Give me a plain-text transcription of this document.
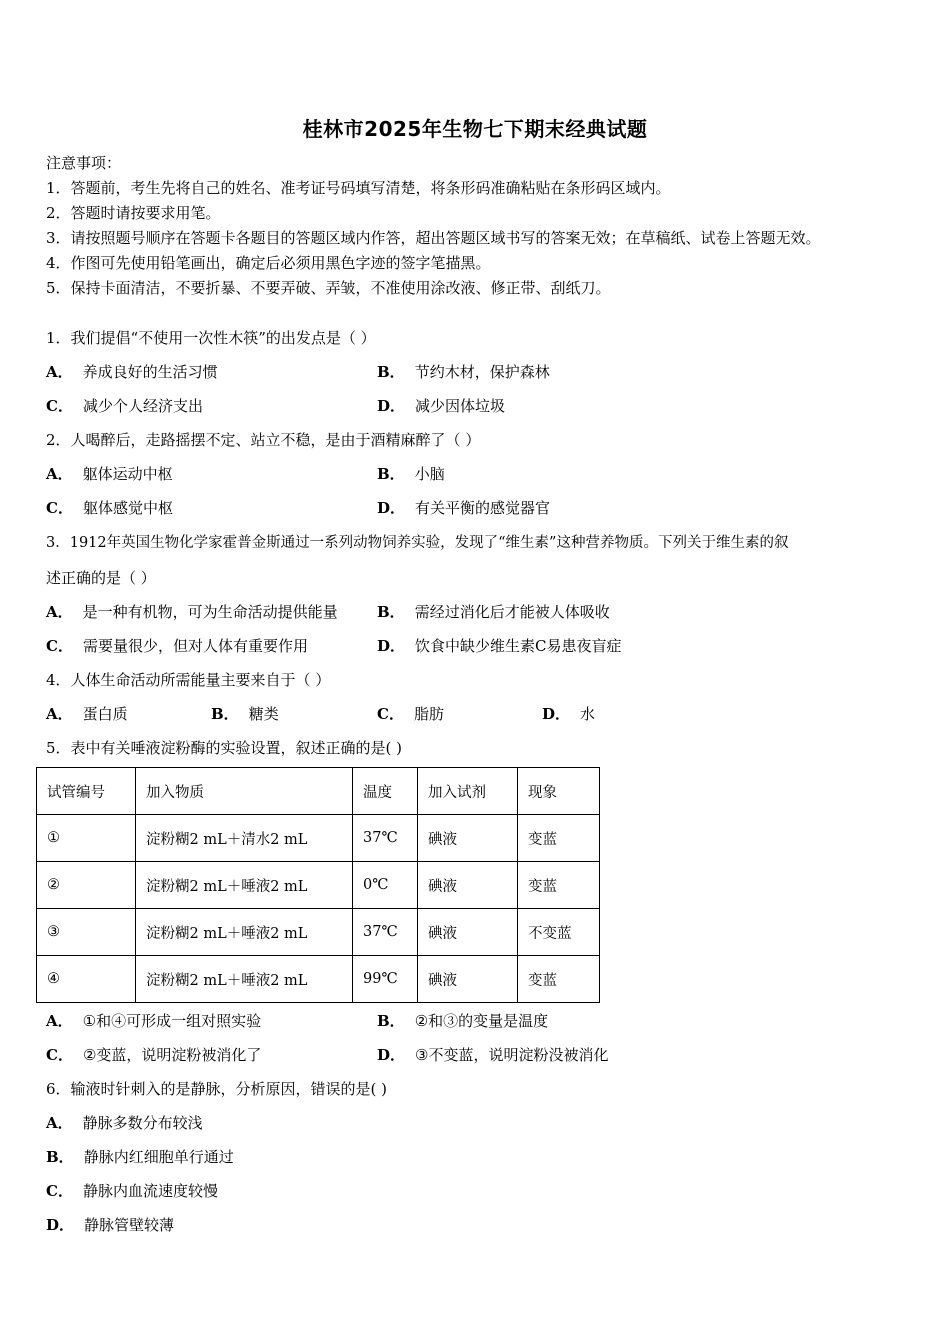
桂林市2025年生物七下期末经典试题
注意事项：
1．答题前，考生先将自己的姓名、准考证号码填写清楚，将条形码准确粘贴在条形码区域内。
2．答题时请按要求用笔。
3．请按照题号顺序在答题卡各题目的答题区域内作答，超出答题区域书写的答案无效；在草稿纸、试卷上答题无效。
4．作图可先使用铅笔画出，确定后必须用黑色字迹的签字笔描黑。
5．保持卡面清洁，不要折暴、不要弄破、弄皱，不准使用涂改液、修正带、刮纸刀。
1．我们提倡“不使用一次性木筷”的出发点是（ ）
A． 养成良好的生活习惯	B． 节约木材，保护森林
C． 减少个人经济支出	D． 减少因体垃圾
2．人喝醉后，走路摇摆不定、站立不稳，是由于酒精麻醉了（ ）
A． 躯体运动中枢	B． 小脑
C． 躯体感觉中枢	D． 有关平衡的感觉器官
3．1912年英国生物化学家霍普金斯通过一系列动物饲养实验，发现了“维生素”这种营养物质。下列关于维生素的叙
述正确的是（ ）
A． 是一种有机物，可为生命活动提供能量	B． 需经过消化后才能被人体吸收
C． 需要量很少，但对人体有重要作用	D． 饮食中缺少维生素C易患夜盲症
4．人体生命活动所需能量主要来自于（ ）
A． 蛋白质	B． 糖类	C． 脂肪	D． 水
5．表中有关唾液淀粉酶的实验设置，叙述正确的是( )
试管编号	加入物质	温度	加入试剂	现象
①	淀粉糊2 mL＋清水2 mL	37℃	碘液	变蓝
②	淀粉糊2 mL＋唾液2 mL	0℃	碘液	变蓝
③	淀粉糊2 mL＋唾液2 mL	37℃	碘液	不变蓝
④	淀粉糊2 mL＋唾液2 mL	99℃	碘液	变蓝
A． ①和④可形成一组对照实验	B． ②和③的变量是温度
C． ②变蓝，说明淀粉被消化了	D． ③不变蓝，说明淀粉没被消化
6．输液时针刺入的是静脉，分析原因，错误的是( )
A． 静脉多数分布较浅
B． 静脉内红细胞单行通过
C． 静脉内血流速度较慢
D． 静脉管壁较薄
